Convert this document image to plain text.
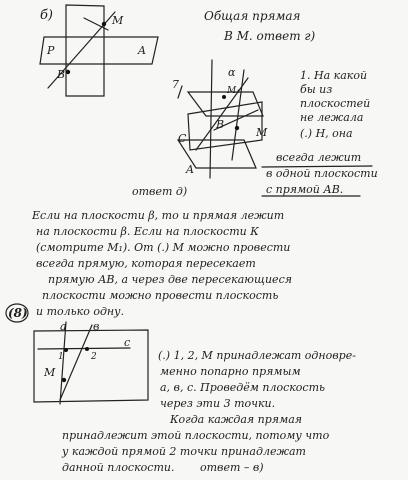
б)
P	A
B
M	Общая прямая
В М. ответ г)
7
α
M₁
B
C	M
A
1. На какой
бы из
плоскостей
не лежала
(.) Н, она
всегда лежит
в одной плоскости
с прямой АВ.
ответ д)
Если на плоскости β, то и прямая лежит
на плоскости β. Если на плоскости К
(смотрите М₁). От (.) М можно провести
всегда прямую, которая пересекает
прямую АВ, а через две пересекающиеся
плоскости можно провести плоскость
и только одну.
(8)
a в
c
1	2
M
(.) 1, 2, М принадлежат одновре-
менно попарно прямым
а, в, с. Проведём плоскость
через эти 3 точки.
Когда каждая прямая
принадлежит этой плоскости, потому что
у каждой прямой 2 точки принадлежат
данной плоскости. ответ – в)
